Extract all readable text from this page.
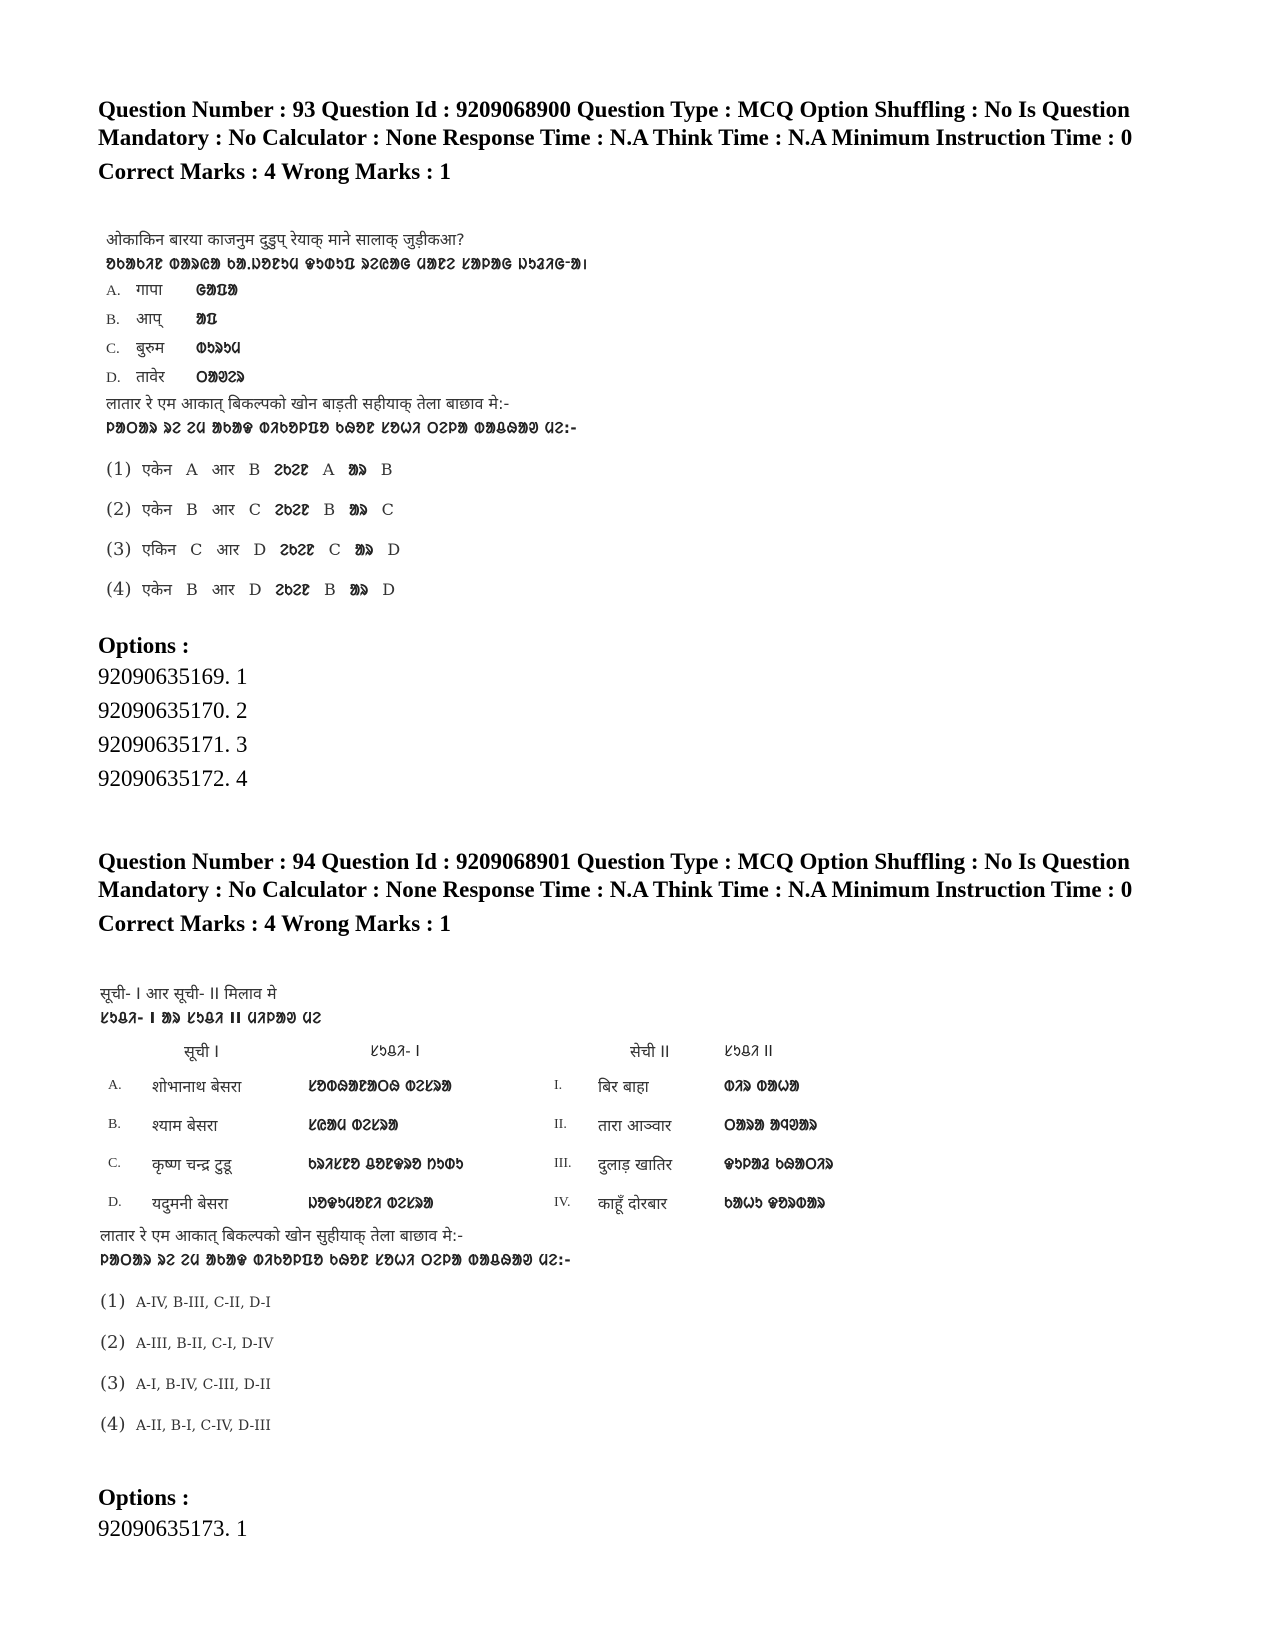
Question Number : 93 Question Id : 9209068900 Question Type : MCQ Option Shuffling : No Is Question Mandatory : No Calculator : None Response Time : N.A Think Time : N.A Minimum Instruction Time : 0

Correct Marks : 4 Wrong Marks : 1
ओकाकिन बारया काजनुम दुडुप् रेयाक् माने सालाक् जुड़ीकआ?
ᱚᱠᱟᱠᱤᱱ ᱵᱟᱨᱭᱟ ᱠᱟᱹᱡᱚᱱᱩᱢ ᱫᱩᱰᱩᱯ ᱨᱮᱭᱟᱜ ᱢᱟᱱᱮ ᱥᱟᱞᱟᱜ ᱡᱩᱲᱤᱜᱼᱟ।
A. गापा ᱜᱟᱯᱟ
B. आप् ᱟᱯ
C. बुरुम ᱵᱩᱨᱩᱢ
D. तावेर ᱛᱟᱣᱮᱨ
लातार रे एम आकात् बिकल्पको खोन बाड़ती सहीयाक् तेला बाछाव मे:-
ᱞᱟᱛᱟᱨ ᱨᱮ ᱮᱢ ᱟᱠᱟᱫ ᱵᱤᱠᱚᱞᱯᱚ ᱠᱷᱚᱱ ᱥᱚᱦᱤ ᱛᱮᱞᱟ ᱵᱟᱪᱷᱟᱣ ᱢᱮ:-
(1) एकेन A आर B ᱮᱠᱮᱱ A ᱟᱨ B
(2) एकेन B आर C ᱮᱠᱮᱱ B ᱟᱨ C
(3) एकिन C आर D ᱮᱠᱮᱱ C ᱟᱨ D
(4) एकेन B आर D ᱮᱠᱮᱱ B ᱟᱨ D
Options :
92090635169. 1
92090635170. 2
92090635171. 3
92090635172. 4

Question Number : 94 Question Id : 9209068901 Question Type : MCQ Option Shuffling : No Is Question Mandatory : No Calculator : None Response Time : N.A Think Time : N.A Minimum Instruction Time : 0

Correct Marks : 4 Wrong Marks : 1
सूची- I आर सूची- II मिलाव मे
ᱥᱩᱪᱤ- I ᱟᱨ ᱥᱩᱪᱤ II ᱢᱤᱞᱟᱣ ᱢᱮ
	सूची I	ᱥᱩᱪᱤ- I		सेची II	ᱥᱩᱪᱤ II
A.	शोभानाथ बेसरा	ᱥᱚᱵᱷᱟᱱᱟᱛᱷ ᱵᱮᱥᱨᱟ	I.	बिर बाहा	ᱵᱤᱨ ᱵᱟᱦᱟ
B.	श्याम बेसरा	ᱥᱭᱟᱢ ᱵᱮᱥᱨᱟ	II.	तारा आञ्वार	ᱛᱟᱨᱟ ᱟᱧᱣᱟᱨ
C.	कृष्ण चन्द्र टुडू	ᱠᱨᱤᱥᱱᱚ ᱪᱚᱱᱫᱨᱚ ᱴᱩᱰᱩ	III.	दुलाड़ खातिर	ᱫᱩᱞᱟᱲ ᱠᱷᱟᱛᱤᱨ
D.	यदुमनी बेसरा	ᱡᱚᱫᱩᱢᱚᱱᱤ ᱵᱮᱥᱨᱟ	IV.	काहूँ दोरबार	ᱠᱟᱦᱩ ᱫᱚᱨᱵᱟᱨ
लातार रे एम आकात् बिकल्पको खोन सुहीयाक् तेला बाछाव मे:-
ᱞᱟᱛᱟᱨ ᱨᱮ ᱮᱢ ᱟᱠᱟᱫ ᱵᱤᱠᱚᱞᱯᱚ ᱠᱷᱚᱱ ᱥᱚᱦᱤ ᱛᱮᱞᱟ ᱵᱟᱪᱷᱟᱣ ᱢᱮ:-
(1) A-IV, B-III, C-II, D-I
(2) A-III, B-II, C-I, D-IV
(3) A-I, B-IV, C-III, D-II
(4) A-II, B-I, C-IV, D-III
Options :
92090635173. 1
